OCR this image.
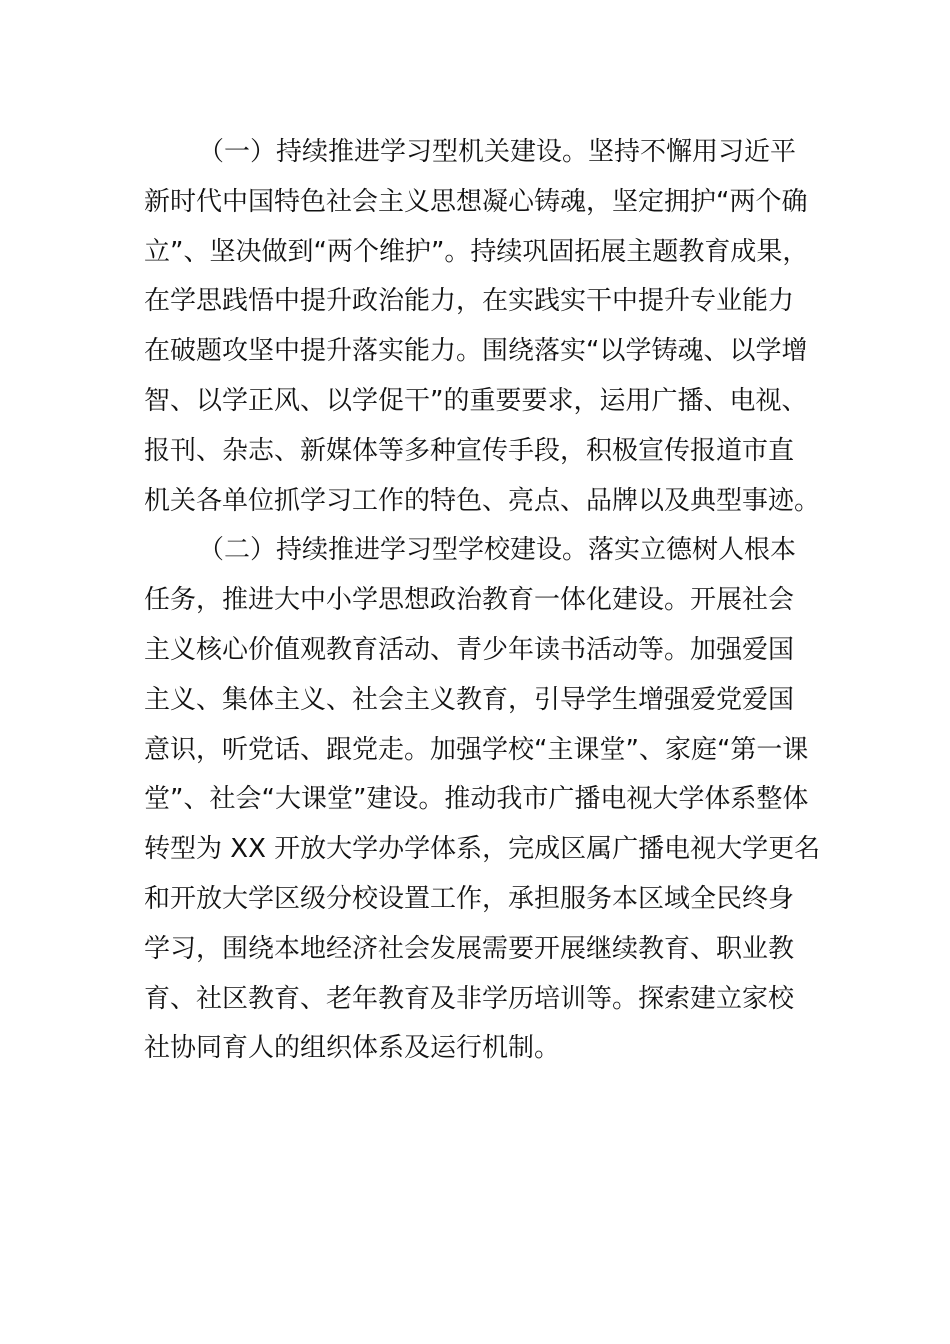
（一）持续推进学习型机关建设。坚持不懈用习近平
新时代中国特色社会主义思想凝心铸魂，坚定拥护“两个确
立”、坚决做到“两个维护”。持续巩固拓展主题教育成果，
在学思践悟中提升政治能力，在实践实干中提升专业能力
在破题攻坚中提升落实能力。围绕落实“以学铸魂、以学增
智、以学正风、以学促干”的重要要求，运用广播、电视、
报刊、杂志、新媒体等多种宣传手段，积极宣传报道市直
机关各单位抓学习工作的特色、亮点、品牌以及典型事迹。
（二）持续推进学习型学校建设。落实立德树人根本
任务，推进大中小学思想政治教育一体化建设。开展社会
主义核心价值观教育活动、青少年读书活动等。加强爱国
主义、集体主义、社会主义教育，引导学生增强爱党爱国
意识，听党话、跟党走。加强学校“主课堂”、家庭“第一课
堂”、社会“大课堂”建设。推动我市广播电视大学体系整体
转型为 XX 开放大学办学体系，完成区属广播电视大学更名
和开放大学区级分校设置工作，承担服务本区域全民终身
学习，围绕本地经济社会发展需要开展继续教育、职业教
育、社区教育、老年教育及非学历培训等。探索建立家校
社协同育人的组织体系及运行机制。
